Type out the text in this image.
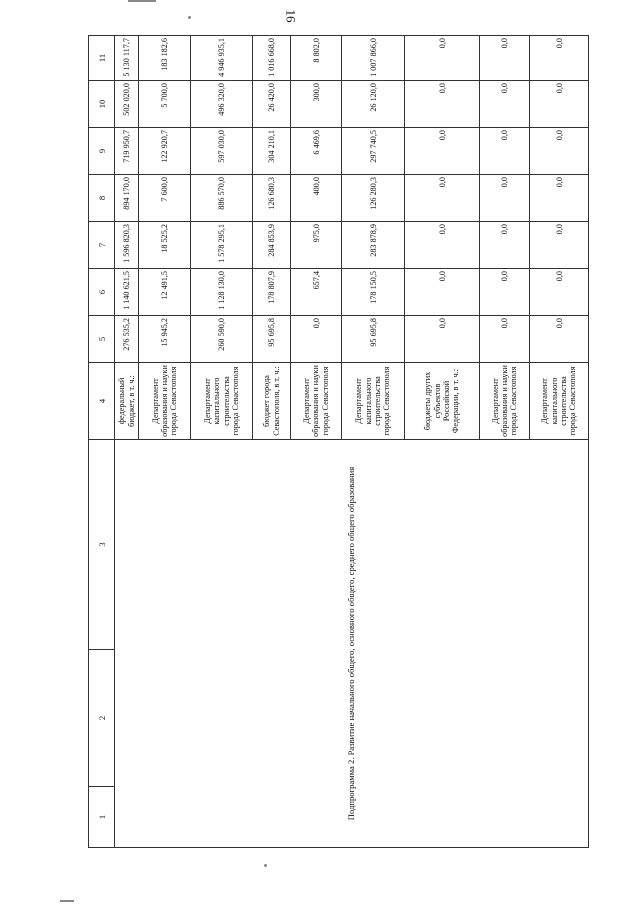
16
1	2	3	4	5	6	7	8	9	10	11
Подпрограмма 2. Развитие начального общего, основного общего, среднего общего образования			федеральный бюджет, в т. ч.:	276 535,2	1 140 621,5	1 596 820,3	894 170,0	719 950,7	502 020,0	5 130 117,7
			Департамент образования и науки города Севастополя	15 945,2	12 491,5	18 525,2	7 600,0	122 920,7	5 700,0	183 182,6
			Департамент капитального строительства города Севастополя	260 590,0	1 128 130,0	1 578 295,1	886 570,0	597 030,0	496 320,0	4 946 935,1
			бюджет города Севастополя, в т. ч.:	95 695,8	178 807,9	284 853,9	126 680,3	304 210,1	26 420,0	1 016 668,0
			Департамент образования и науки города Севастополя	0,0	657,4	975,0	400,0	6 469,6	300,0	8 802,0
			Департамент капитального строительства города Севастополя	95 695,8	178 150,5	283 878,9	126 280,3	297 740,5	26 120,0	1 007 866,0
			бюджеты других субъектов Российской Федерации, в т. ч.:	0,0	0,0	0,0	0,0	0,0	0,0	0,0
			Департамент образования и науки города Севастополя	0,0	0,0	0,0	0,0	0,0	0,0	0,0
			Департамент капитального строительства города Севастополя	0,0	0,0	0,0	0,0	0,0	0,0	0,0
